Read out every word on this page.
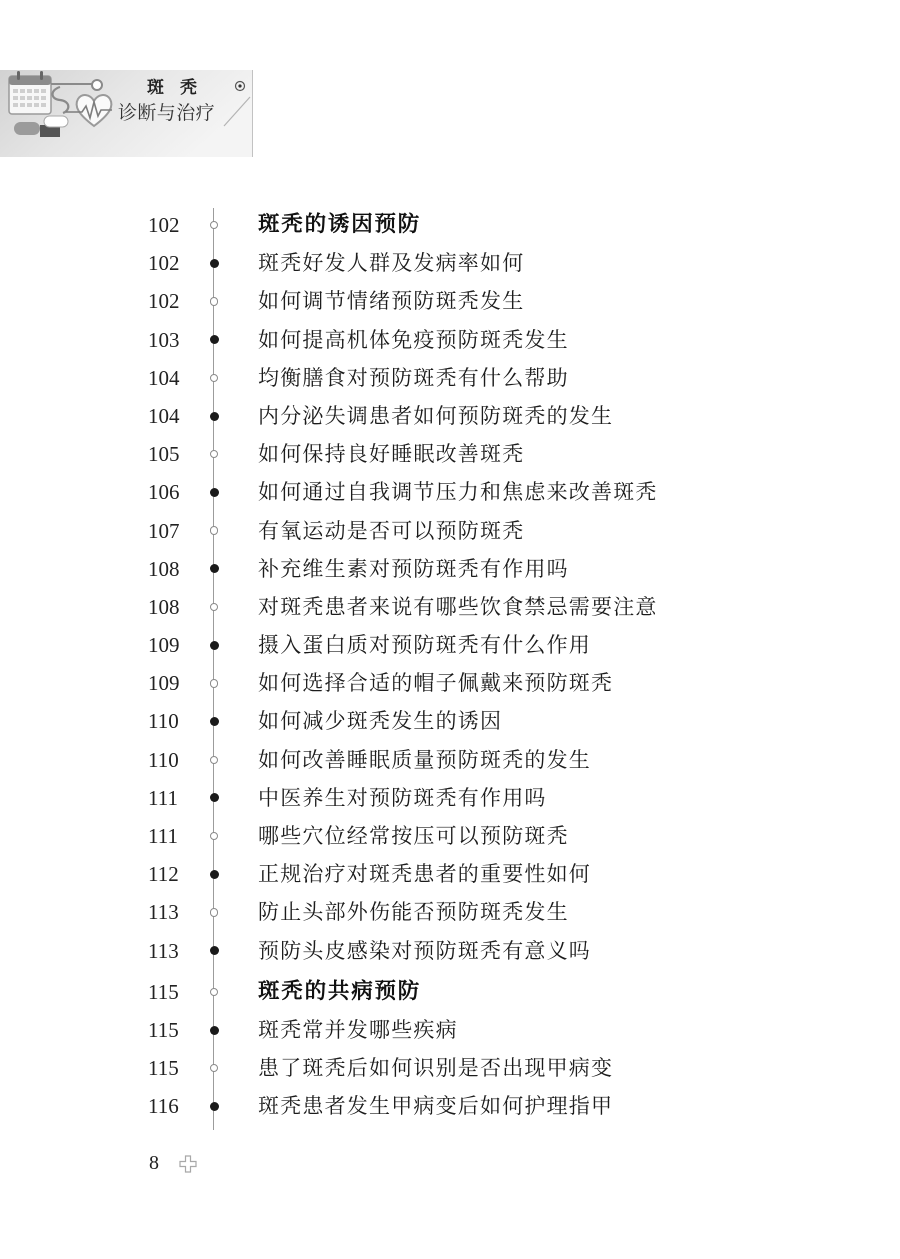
斑秃
诊断与治疗
102	斑秃的诱因预防
102	斑秃好发人群及发病率如何
102	如何调节情绪预防斑秃发生
103	如何提高机体免疫预防斑秃发生
104	均衡膳食对预防斑秃有什么帮助
104	内分泌失调患者如何预防斑秃的发生
105	如何保持良好睡眠改善斑秃
106	如何通过自我调节压力和焦虑来改善斑秃
107	有氧运动是否可以预防斑秃
108	补充维生素对预防斑秃有作用吗
108	对斑秃患者来说有哪些饮食禁忌需要注意
109	摄入蛋白质对预防斑秃有什么作用
109	如何选择合适的帽子佩戴来预防斑秃
110	如何减少斑秃发生的诱因
110	如何改善睡眠质量预防斑秃的发生
111	中医养生对预防斑秃有作用吗
111	哪些穴位经常按压可以预防斑秃
112	正规治疗对斑秃患者的重要性如何
113	防止头部外伤能否预防斑秃发生
113	预防头皮感染对预防斑秃有意义吗
115	斑秃的共病预防
115	斑秃常并发哪些疾病
115	患了斑秃后如何识别是否出现甲病变
116	斑秃患者发生甲病变后如何护理指甲
8
